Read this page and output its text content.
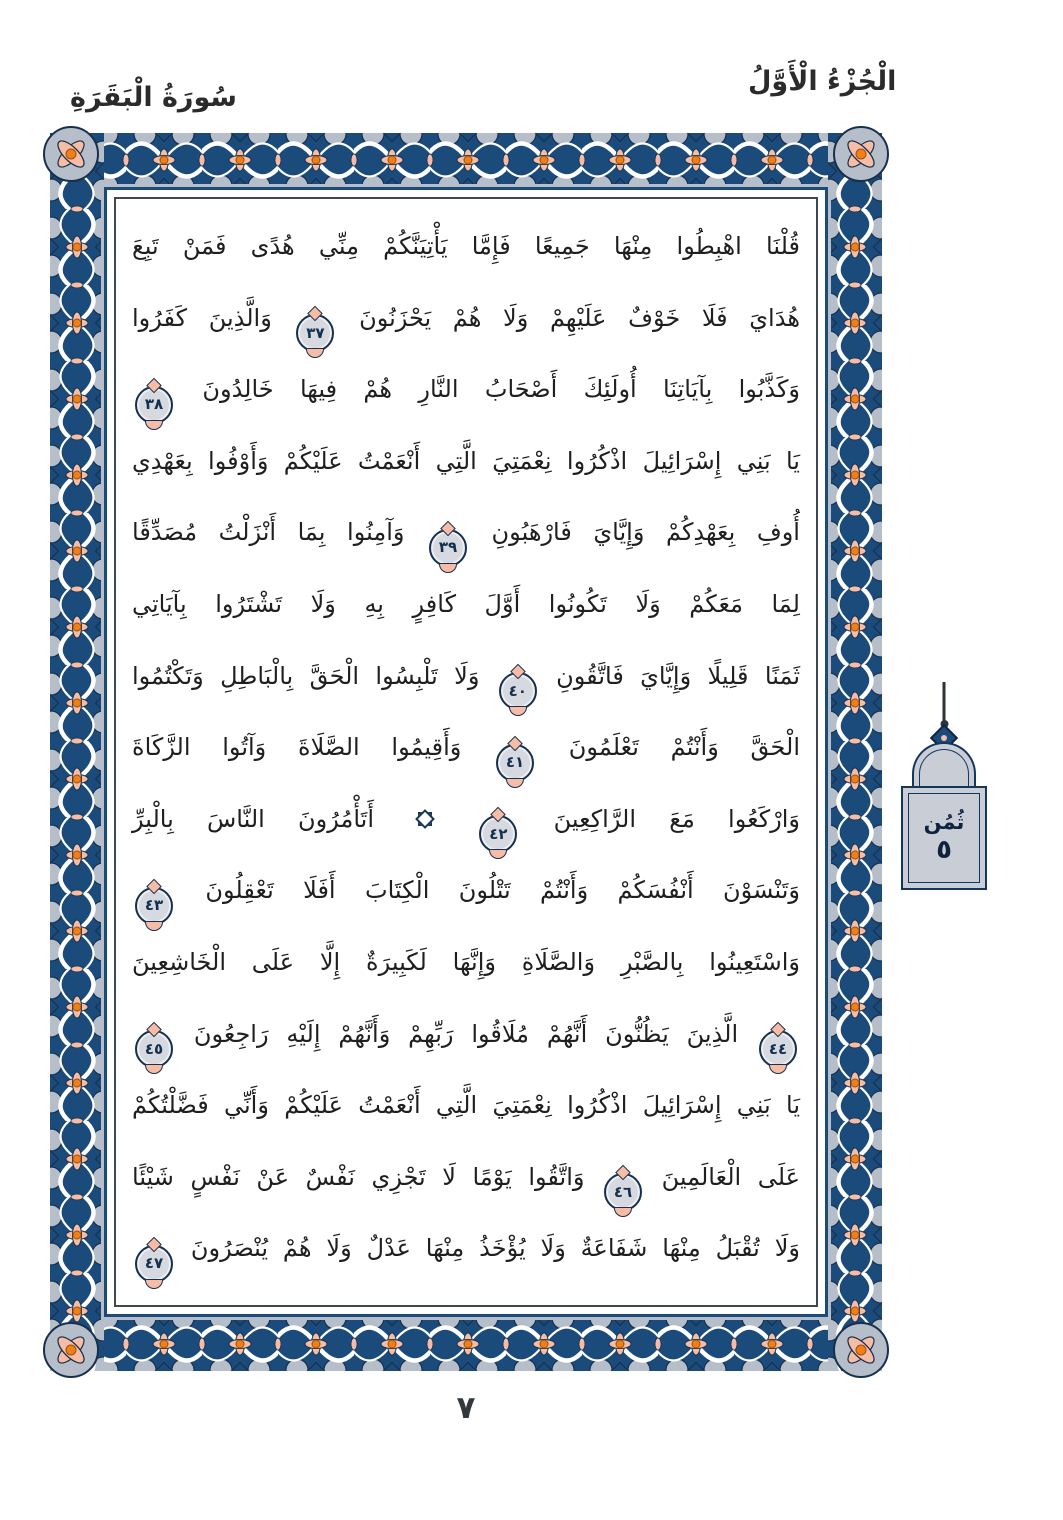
سُورَةُ الْبَقَرَةِ
الْجُزْءُ الْأَوَّلُ
قُلْنَا اهْبِطُوا مِنْهَا جَمِيعًا فَإِمَّا يَأْتِيَنَّكُمْ مِنِّي هُدًى فَمَنْ تَبِعَ
هُدَايَ فَلَا خَوْفٌ عَلَيْهِمْ وَلَا هُمْ يَحْزَنُونَ
٣٧
وَالَّذِينَ كَفَرُوا
وَكَذَّبُوا بِآيَاتِنَا أُولَئِكَ أَصْحَابُ النَّارِ هُمْ فِيهَا خَالِدُونَ
٣٨
يَا بَنِي إِسْرَائِيلَ اذْكُرُوا نِعْمَتِيَ الَّتِي أَنْعَمْتُ عَلَيْكُمْ وَأَوْفُوا بِعَهْدِي
أُوفِ بِعَهْدِكُمْ وَإِيَّايَ فَارْهَبُونِ
٣٩
وَآمِنُوا بِمَا أَنْزَلْتُ مُصَدِّقًا
لِمَا مَعَكُمْ وَلَا تَكُونُوا أَوَّلَ كَافِرٍ بِهِ وَلَا تَشْتَرُوا بِآيَاتِي
ثَمَنًا قَلِيلًا وَإِيَّايَ فَاتَّقُونِ
٤٠
وَلَا تَلْبِسُوا الْحَقَّ بِالْبَاطِلِ وَتَكْتُمُوا
الْحَقَّ وَأَنْتُمْ تَعْلَمُونَ
٤١
وَأَقِيمُوا الصَّلَاةَ وَآتُوا الزَّكَاةَ
وَارْكَعُوا مَعَ الرَّاكِعِينَ
٤٢

أَتَأْمُرُونَ النَّاسَ بِالْبِرِّ
وَتَنْسَوْنَ أَنْفُسَكُمْ وَأَنْتُمْ تَتْلُونَ الْكِتَابَ أَفَلَا تَعْقِلُونَ
٤٣
وَاسْتَعِينُوا بِالصَّبْرِ وَالصَّلَاةِ وَإِنَّهَا لَكَبِيرَةٌ إِلَّا عَلَى الْخَاشِعِينَ
٤٤
الَّذِينَ يَظُنُّونَ أَنَّهُمْ مُلَاقُوا رَبِّهِمْ وَأَنَّهُمْ إِلَيْهِ رَاجِعُونَ
٤٥
يَا بَنِي إِسْرَائِيلَ اذْكُرُوا نِعْمَتِيَ الَّتِي أَنْعَمْتُ عَلَيْكُمْ وَأَنِّي فَضَّلْتُكُمْ
عَلَى الْعَالَمِينَ
٤٦
وَاتَّقُوا يَوْمًا لَا تَجْزِي نَفْسٌ عَنْ نَفْسٍ شَيْئًا
وَلَا تُقْبَلُ مِنْهَا شَفَاعَةٌ وَلَا يُؤْخَذُ مِنْهَا عَدْلٌ وَلَا هُمْ يُنْصَرُونَ
٤٧
ثُمُن
٥
٧
